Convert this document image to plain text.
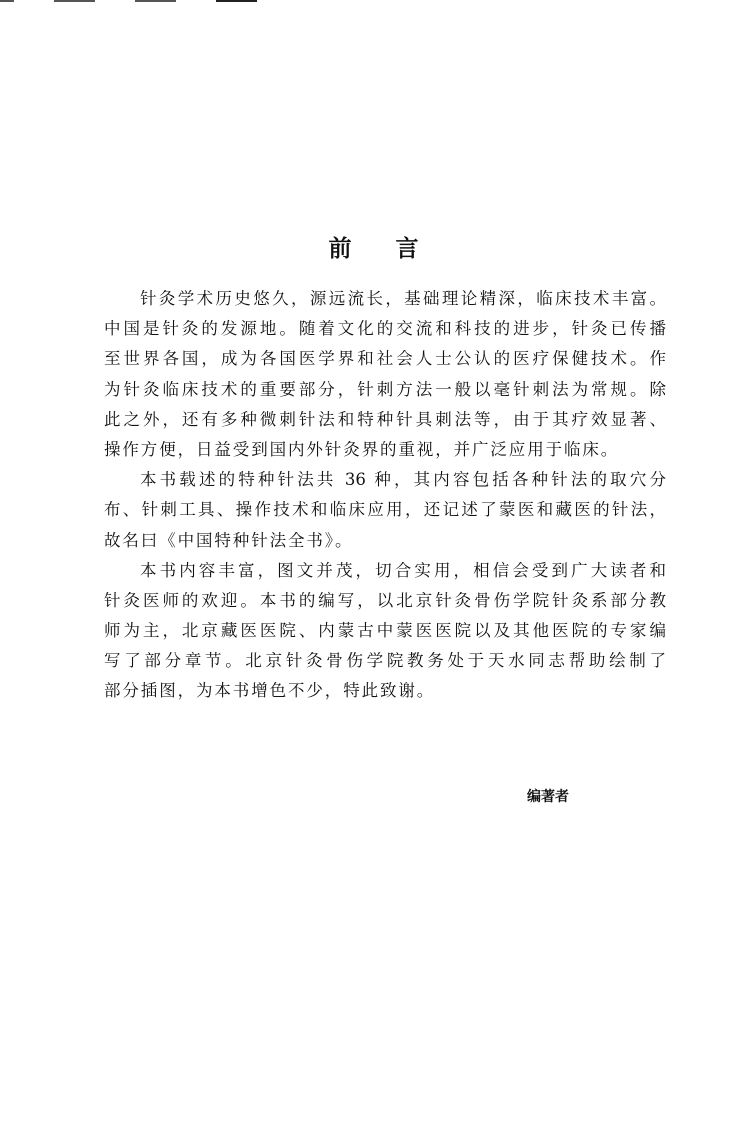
前 言
针灸学术历史悠久，源远流长，基础理论精深，临床技术丰富。
中国是针灸的发源地。随着文化的交流和科技的进步，针灸已传播
至世界各国，成为各国医学界和社会人士公认的医疗保健技术。作
为针灸临床技术的重要部分，针刺方法一般以毫针刺法为常规。除
此之外，还有多种微刺针法和特种针具刺法等，由于其疗效显著、
操作方便，日益受到国内外针灸界的重视，并广泛应用于临床。
本书载述的特种针法共 36 种，其内容包括各种针法的取穴分
布、针刺工具、操作技术和临床应用，还记述了蒙医和藏医的针法，
故名曰《中国特种针法全书》。
本书内容丰富，图文并茂，切合实用，相信会受到广大读者和
针灸医师的欢迎。本书的编写，以北京针灸骨伤学院针灸系部分教
师为主，北京藏医医院、内蒙古中蒙医医院以及其他医院的专家编
写了部分章节。北京针灸骨伤学院教务处于天水同志帮助绘制了
部分插图，为本书增色不少，特此致谢。
编著者
